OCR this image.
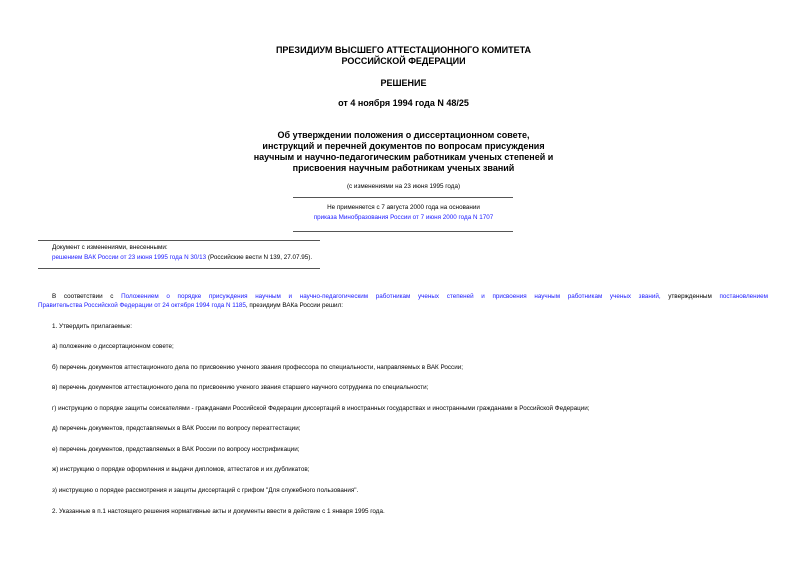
ПРЕЗИДИУМ ВЫСШЕГО АТТЕСТАЦИОННОГО КОМИТЕТА
РОССИЙСКОЙ ФЕДЕРАЦИИ
РЕШЕНИЕ
от 4 ноября 1994 года N 48/25
Об утверждении положения о диссертационном совете,
инструкций и перечней документов по вопросам присуждения
научным и научно-педагогическим работникам ученых степеней и
присвоения научным работникам ученых званий
(с изменениями на 23 июня 1995 года)
Не применяется с 7 августа 2000 года на основании
приказа Минобразования России от 7 июня 2000 года N 1707
Документ с изменениями, внесенными:
решением ВАК России от 23 июня 1995 года N 30/13 (Российские вести N 139, 27.07.95).
В соответствии с Положением о порядке присуждения научным и научно-педагогическим работникам ученых степеней и присвоения научным работникам ученых званий, утвержденным постановлением
Правительства Российской Федерации от 24 октября 1994 года N 1185, президиум ВАКа России решил:
1. Утвердить прилагаемые:
а) положение о диссертационном совете;
б) перечень документов аттестационного дела по присвоению ученого звания профессора по специальности, направляемых в ВАК России;
в) перечень документов аттестационного дела по присвоению ученого звания старшего научного сотрудника по специальности;
г) инструкцию о порядке защиты соискателями - гражданами Российской Федерации диссертаций в иностранных государствах и иностранными гражданами в Российской Федерации;
д) перечень документов, представляемых в ВАК России по вопросу переаттестации;
е) перечень документов, представляемых в ВАК России по вопросу нострификации;
ж) инструкцию о порядке оформления и выдачи дипломов, аттестатов и их дубликатов;
з) инструкцию о порядке рассмотрения и защиты диссертаций с грифом "Для служебного пользования".
2. Указанные в п.1 настоящего решения нормативные акты и документы ввести в действие с 1 января 1995 года.
